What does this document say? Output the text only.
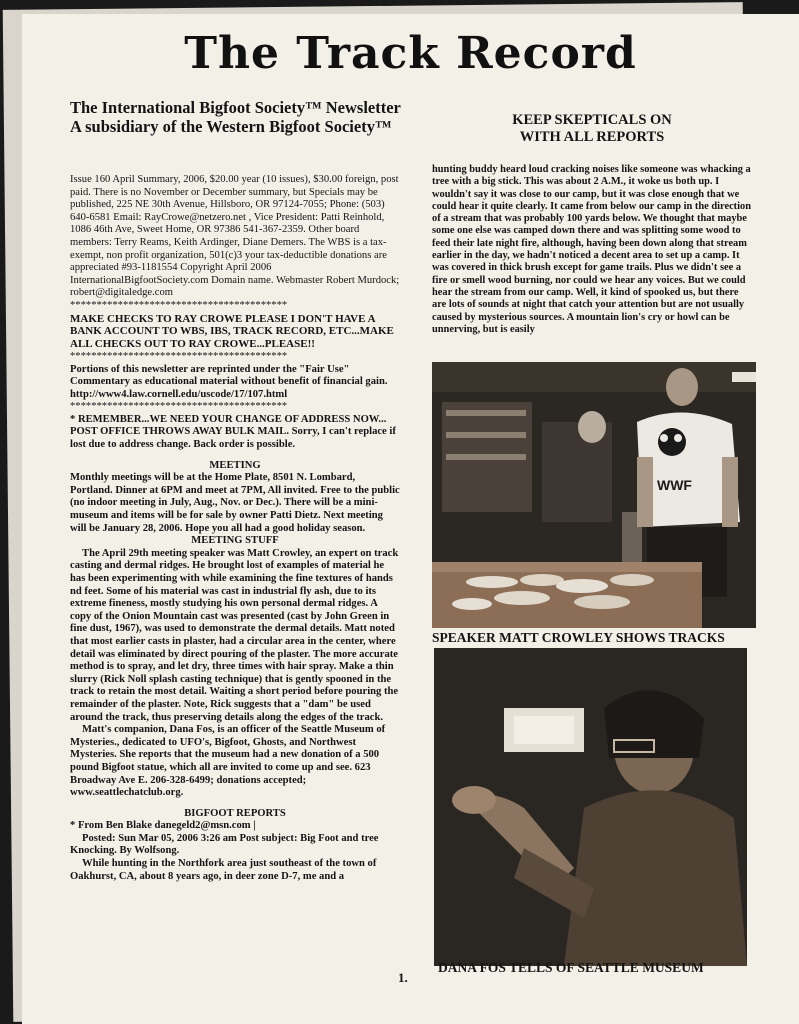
The Track Record
The International Bigfoot Society™ Newsletter
A subsidiary of the Western Bigfoot Society™	KEEP SKEPTICALS ON
WITH ALL REPORTS

Issue 160 April Summary, 2006, $20.00 year (10 issues), $30.00 foreign, post paid. There is no November or December summary, but Specials may be published, 225 NE 30th Avenue, Hillsboro, OR 97124-7055; Phone: (503) 640-6581 Email: RayCrowe@netzero.net , Vice President: Patti Reinhold, 1086 46th Ave, Sweet Home, OR 97386 541-367-2359. Other board members: Terry Reams, Keith Ardinger, Diane Demers. The WBS is a tax-exempt, non profit organization, 501(c)3 your tax-deductible donations are appreciated #93-1181554 Copyright April 2006 InternationalBigfootSociety.com Domain name. Webmaster Robert Murdock; robert@digitaledge.com

*****************************************

MAKE CHECKS TO RAY CROWE PLEASE I DON'T HAVE A BANK ACCOUNT TO WBS, IBS, TRACK RECORD, ETC...MAKE ALL CHECKS OUT TO RAY CROWE...PLEASE!!

*****************************************

Portions of this newsletter are reprinted under the "Fair Use" Commentary as educational material without benefit of financial gain. http://www4.law.cornell.edu/uscode/17/107.html

*****************************************

* REMEMBER...WE NEED YOUR CHANGE OF ADDRESS NOW... POST OFFICE THROWS AWAY BULK MAIL. Sorry, I can't replace if lost due to address change. Back order is possible.

MEETING

Monthly meetings will be at the Home Plate, 8501 N. Lombard, Portland. Dinner at 6PM and meet at 7PM, All invited. Free to the public (no indoor meeting in July, Aug., Nov. or Dec.). There will be a mini-museum and items will be for sale by owner Patti Dietz. Next meeting will be January 28, 2006. Hope you all had a good holiday season.

MEETING STUFF

The April 29th meeting speaker was Matt Crowley, an expert on track casting and dermal ridges. He brought lost of examples of material he has been experimenting with while examining the fine textures of hands nd feet. Some of his material was cast in industrial fly ash, due to its extreme fineness, mostly studying his own personal dermal ridges. A copy of the Onion Mountain cast was presented (cast by John Green in fine dust, 1967), was used to demonstrate the dermal details. Matt noted that most earlier casts in plaster, had a circular area in the center, where detail was eliminated by direct pouring of the plaster. The more accurate method is to spray, and let dry, three times with hair spray. Make a thin slurry (Rick Noll splash casting technique) that is gently spooned in the track to retain the most detail. Waiting a short period before pouring the remainder of the plaster. Note, Rick suggests that a "dam" be used around the track, thus preserving details along the edges of the track.

Matt's companion, Dana Fos, is an officer of the Seattle Museum of Mysteries., dedicated to UFO's, Bigfoot, Ghosts, and Northwest Mysteries. She reports that the museum had a new donation of a 500 pound Bigfoot statue, which all are invited to come up and see. 623 Broadway Ave E. 206-328-6499; donations accepted; www.seattlechatclub.org.

BIGFOOT REPORTS

* From Ben Blake danegeld2@msn.com |

Posted: Sun Mar 05, 2006 3:26 am Post subject: Big Foot and tree Knocking. By Wolfsong.

While hunting in the Northfork area just southeast of the town of Oakhurst, CA, about 8 years ago, in deer zone D-7, me and a

hunting buddy heard loud cracking noises like someone was whacking a tree with a big stick. This was about 2 A.M., it woke us both up. I wouldn't say it was close to our camp, but it was close enough that we could hear it quite clearly. It came from below our camp in the direction of a stream that was probably 100 yards below. We thought that maybe some one else was camped down there and was splitting some wood to feed their late night fire, although, having been down along that stream earlier in the day, we hadn't noticed a decent area to set up a camp. It was covered in thick brush except for game trails. Plus we didn't see a fire or smell wood burning, nor could we hear any voices. But we could hear the stream from our camp. Well, it kind of spooked us, but there are lots of sounds at night that catch your attention but are not usually caused by mysterious sources. A mountain lion's cry or howl can be unnerving, but is easily

WWF
SPEAKER MATT CROWLEY SHOWS TRACKS
DANA FOS TELLS OF SEATTLE MUSEUM
1.
